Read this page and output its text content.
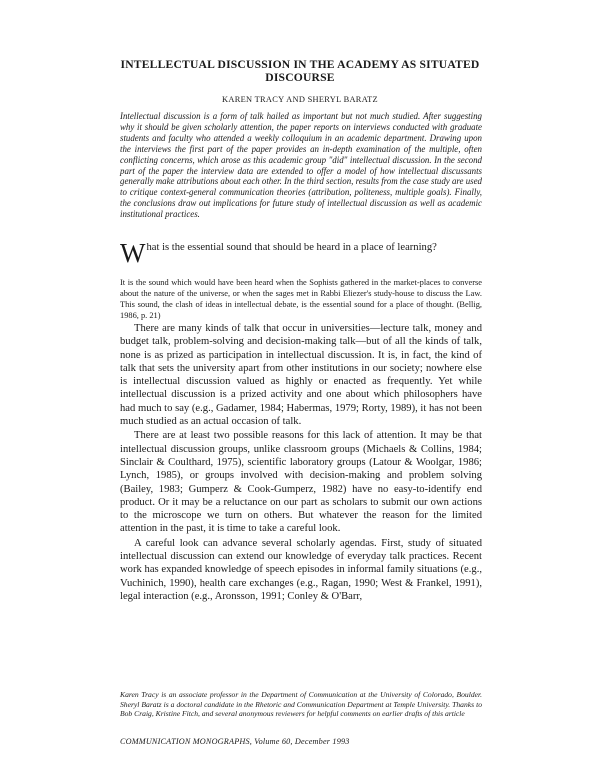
INTELLECTUAL DISCUSSION IN THE ACADEMY AS SITUATED DISCOURSE
KAREN TRACY AND SHERYL BARATZ
Intellectual discussion is a form of talk hailed as important but not much studied. After suggesting why it should be given scholarly attention, the paper reports on interviews conducted with graduate students and faculty who attended a weekly colloquium in an academic department. Drawing upon the interviews the first part of the paper provides an in-depth examination of the multiple, often conflicting concerns, which arose as this academic group "did" intellectual discussion. In the second part of the paper the interview data are extended to offer a model of how intellectual discussants generally make attributions about each other. In the third section, results from the case study are used to critique context-general communication theories (attribution, politeness, multiple goals). Finally, the conclusions draw out implications for future study of intellectual discussion as well as academic institutional practices.
What is the essential sound that should be heard in a place of learning?
It is the sound which would have been heard when the Sophists gathered in the market-places to converse about the nature of the universe, or when the sages met in Rabbi Eliezer's study-house to discuss the Law. This sound, the clash of ideas in intellectual debate, is the essential sound for a place of thought. (Bellig, 1986, p. 21)

There are many kinds of talk that occur in universities—lecture talk, money and budget talk, problem-solving and decision-making talk—but of all the kinds of talk, none is as prized as participation in intellectual discussion. It is, in fact, the kind of talk that sets the university apart from other institutions in our society; nowhere else is intellectual discussion valued as highly or enacted as frequently. Yet while intellectual discussion is a prized activity and one about which philosophers have had much to say (e.g., Gadamer, 1984; Habermas, 1979; Rorty, 1989), it has not been much studied as an actual occasion of talk.

There are at least two possible reasons for this lack of attention. It may be that intellectual discussion groups, unlike classroom groups (Michaels & Collins, 1984; Sinclair & Coulthard, 1975), scientific laboratory groups (Latour & Woolgar, 1986; Lynch, 1985), or groups involved with decision-making and problem solving (Bailey, 1983; Gumperz & Cook-Gumperz, 1982) have no easy-to-identify end product. Or it may be a reluctance on our part as scholars to submit our own actions to the microscope we turn on others. But whatever the reason for the limited attention in the past, it is time to take a careful look.

A careful look can advance several scholarly agendas. First, study of situated intellectual discussion can extend our knowledge of everyday talk practices. Recent work has expanded knowledge of speech episodes in informal family situations (e.g., Vuchinich, 1990), health care exchanges (e.g., Ragan, 1990; West & Frankel, 1991), legal interaction (e.g., Aronsson, 1991; Conley & O'Barr,

Karen Tracy is an associate professor in the Department of Communication at the University of Colorado, Boulder. Sheryl Baratz is a doctoral candidate in the Rhetoric and Communication Department at Temple University. Thanks to Bob Craig, Kristine Fitch, and several anonymous reviewers for helpful comments on earlier drafts of this article
COMMUNICATION MONOGRAPHS, Volume 60, December 1993
